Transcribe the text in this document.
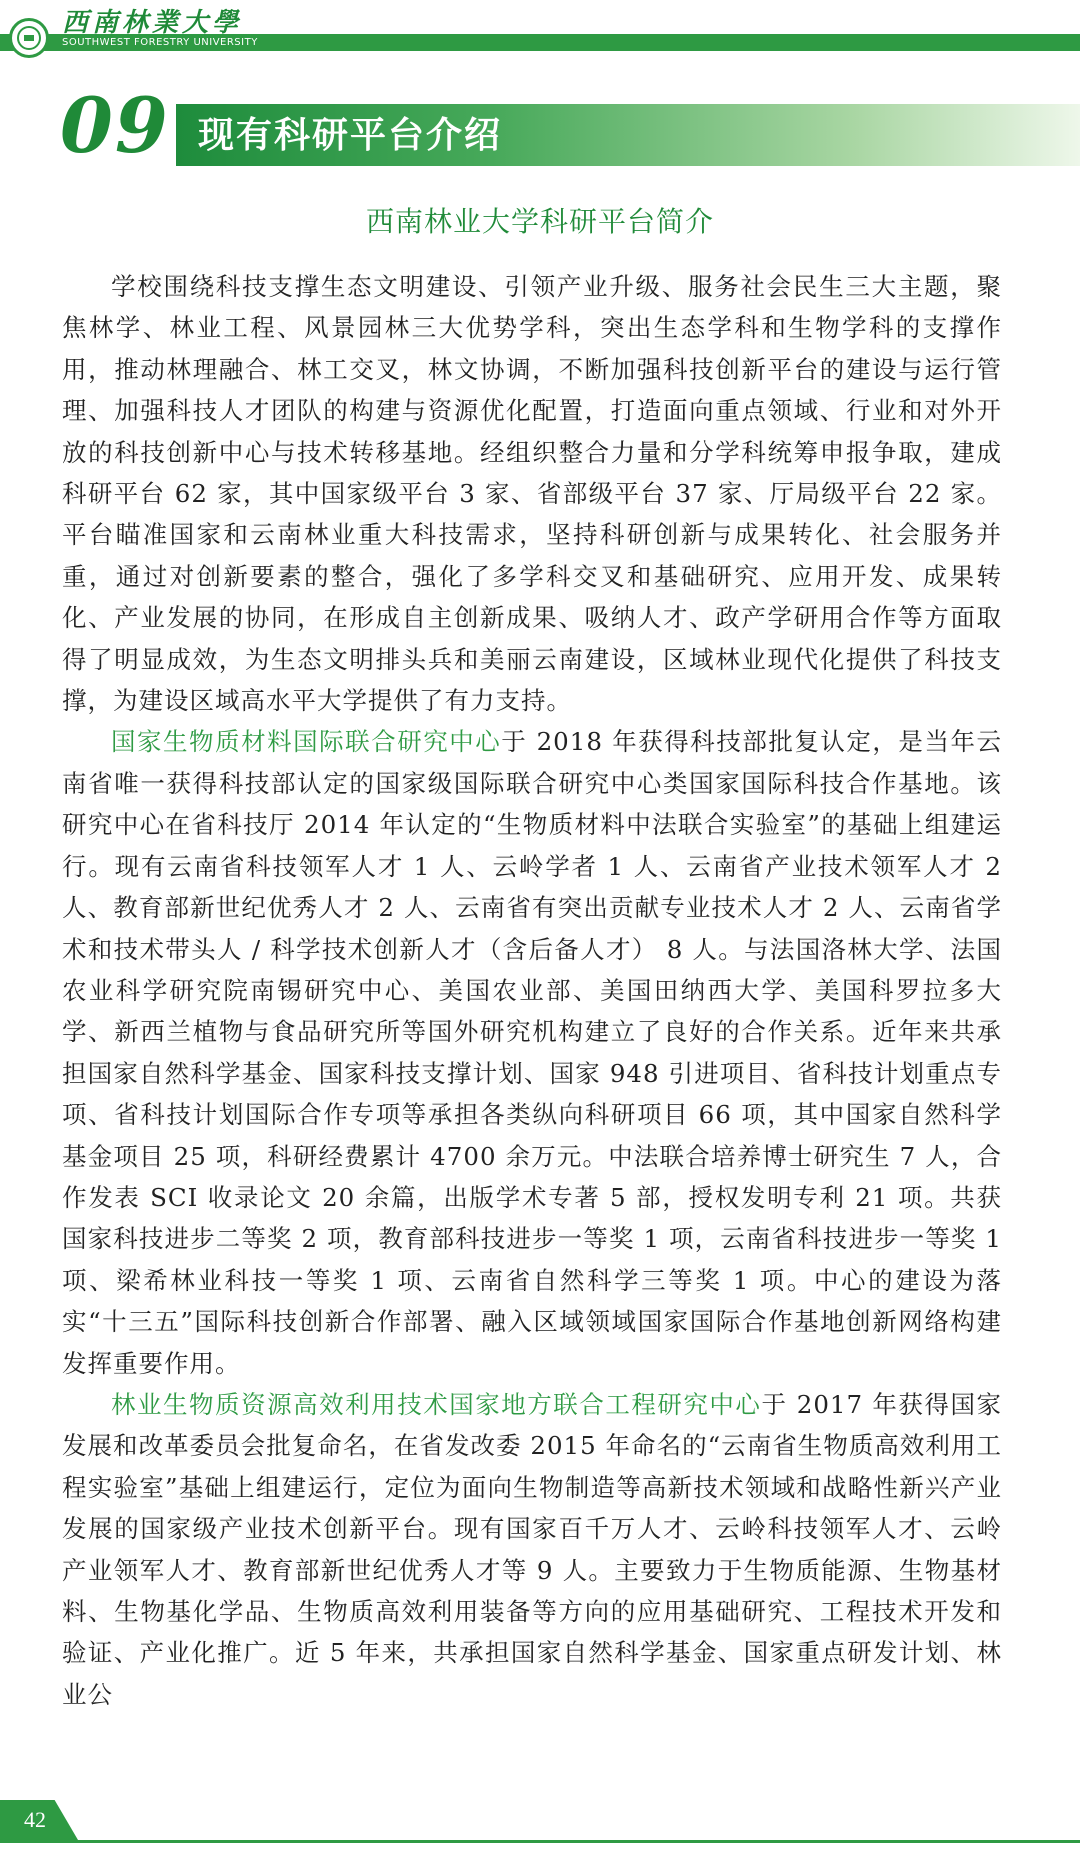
SOUTHWEST FORESTRY UNIVERSITY
西南林業大學
09 现有科研平台介绍
西南林业大学科研平台简介

学校围绕科技支撑生态文明建设、引领产业升级、服务社会民生三大主题，聚焦林学、林业工程、风景园林三大优势学科，突出生态学科和生物学科的支撑作用，推动林理融合、林工交叉，林文协调，不断加强科技创新平台的建设与运行管理、加强科技人才团队的构建与资源优化配置，打造面向重点领域、行业和对外开放的科技创新中心与技术转移基地。经组织整合力量和分学科统筹申报争取，建成科研平台 62 家，其中国家级平台 3 家、省部级平台 37 家、厅局级平台 22 家。平台瞄准国家和云南林业重大科技需求，坚持科研创新与成果转化、社会服务并重，通过对创新要素的整合，强化了多学科交叉和基础研究、应用开发、成果转化、产业发展的协同，在形成自主创新成果、吸纳人才、政产学研用合作等方面取得了明显成效，为生态文明排头兵和美丽云南建设，区域林业现代化提供了科技支撑，为建设区域高水平大学提供了有力支持。

国家生物质材料国际联合研究中心于 2018 年获得科技部批复认定，是当年云南省唯一获得科技部认定的国家级国际联合研究中心类国家国际科技合作基地。该研究中心在省科技厅 2014 年认定的“生物质材料中法联合实验室”的基础上组建运行。现有云南省科技领军人才 1 人、云岭学者 1 人、云南省产业技术领军人才 2 人、教育部新世纪优秀人才 2 人、云南省有突出贡献专业技术人才 2 人、云南省学术和技术带头人 / 科学技术创新人才（含后备人才） 8 人。与法国洛林大学、法国农业科学研究院南锡研究中心、美国农业部、美国田纳西大学、美国科罗拉多大学、新西兰植物与食品研究所等国外研究机构建立了良好的合作关系。近年来共承担国家自然科学基金、国家科技支撑计划、国家 948 引进项目、省科技计划重点专项、省科技计划国际合作专项等承担各类纵向科研项目 66 项，其中国家自然科学基金项目 25 项，科研经费累计 4700 余万元。中法联合培养博士研究生 7 人，合作发表 SCI 收录论文 20 余篇，出版学术专著 5 部，授权发明专利 21 项。共获国家科技进步二等奖 2 项，教育部科技进步一等奖 1 项，云南省科技进步一等奖 1 项、梁希林业科技一等奖 1 项、云南省自然科学三等奖 1 项。中心的建设为落实“十三五”国际科技创新合作部署、融入区域领域国家国际合作基地创新网络构建发挥重要作用。

林业生物质资源高效利用技术国家地方联合工程研究中心于 2017 年获得国家发展和改革委员会批复命名，在省发改委 2015 年命名的“云南省生物质高效利用工程实验室”基础上组建运行，定位为面向生物制造等高新技术领域和战略性新兴产业发展的国家级产业技术创新平台。现有国家百千万人才、云岭科技领军人才、云岭产业领军人才、教育部新世纪优秀人才等 9 人。主要致力于生物质能源、生物基材料、生物基化学品、生物质高效利用装备等方向的应用基础研究、工程技术开发和验证、产业化推广。近 5 年来，共承担国家自然科学基金、国家重点研发计划、林业公

42
